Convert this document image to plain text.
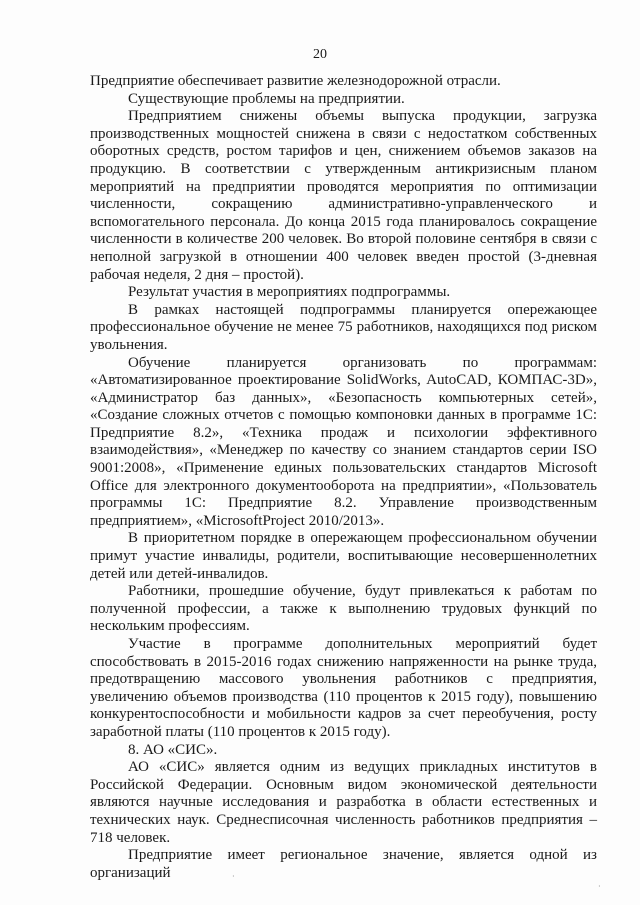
20

Предприятие обеспечивает развитие железнодорожной отрасли.

Существующие проблемы на предприятии.

Предприятием снижены объемы выпуска продукции, загрузка производственных мощностей снижена в связи с недостатком собственных оборотных средств, ростом тарифов и цен, снижением объемов заказов на продукцию. В соответствии с утвержденным антикризисным планом мероприятий на предприятии проводятся мероприятия по оптимизации численности, сокращению административно-управленческого и вспомогательного персонала. До конца 2015 года планировалось сокращение численности в количестве 200 человек. Во второй половине сентября в связи с неполной загрузкой в отношении 400 человек введен простой (3-дневная рабочая неделя, 2 дня – простой).

Результат участия в мероприятиях подпрограммы.

В рамках настоящей подпрограммы планируется опережающее профессиональное обучение не менее 75 работников, находящихся под риском увольнения.

Обучение планируется организовать по программам: «Автоматизированное проектирование SolidWorks, AutoCAD, КОМПАС-3D», «Администратор баз данных», «Безопасность компьютерных сетей», «Создание сложных отчетов с помощью компоновки данных в программе 1С: Предприятие 8.2», «Техника продаж и психологии эффективного взаимодействия», «Менеджер по качеству со знанием стандартов серии ISO 9001:2008», «Применение единых пользовательских стандартов Microsoft Office для электронного документооборота на предприятии», «Пользователь программы 1С: Предприятие 8.2. Управление производственным предприятием», «MicrosoftProject 2010/2013».

В приоритетном порядке в опережающем профессиональном обучении примут участие инвалиды, родители, воспитывающие несовершеннолетних детей или детей-инвалидов.

Работники, прошедшие обучение, будут привлекаться к работам по полученной профессии, а также к выполнению трудовых функций по нескольким профессиям.

Участие в программе дополнительных мероприятий будет способствовать в 2015-2016 годах снижению напряженности на рынке труда, предотвращению массового увольнения работников с предприятия, увеличению объемов производства (110 процентов к 2015 году), повышению конкурентоспособности и мобильности кадров за счет переобучения, росту заработной платы (110 процентов к 2015 году).

8. АО «СИС».

АО «СИС» является одним из ведущих прикладных институтов в Российской Федерации. Основным видом экономической деятельности являются научные исследования и разработка в области естественных и технических наук. Среднесписочная численность работников предприятия – 718 человек.

Предприятие имеет региональное значение, является одной из организаций	·
·
